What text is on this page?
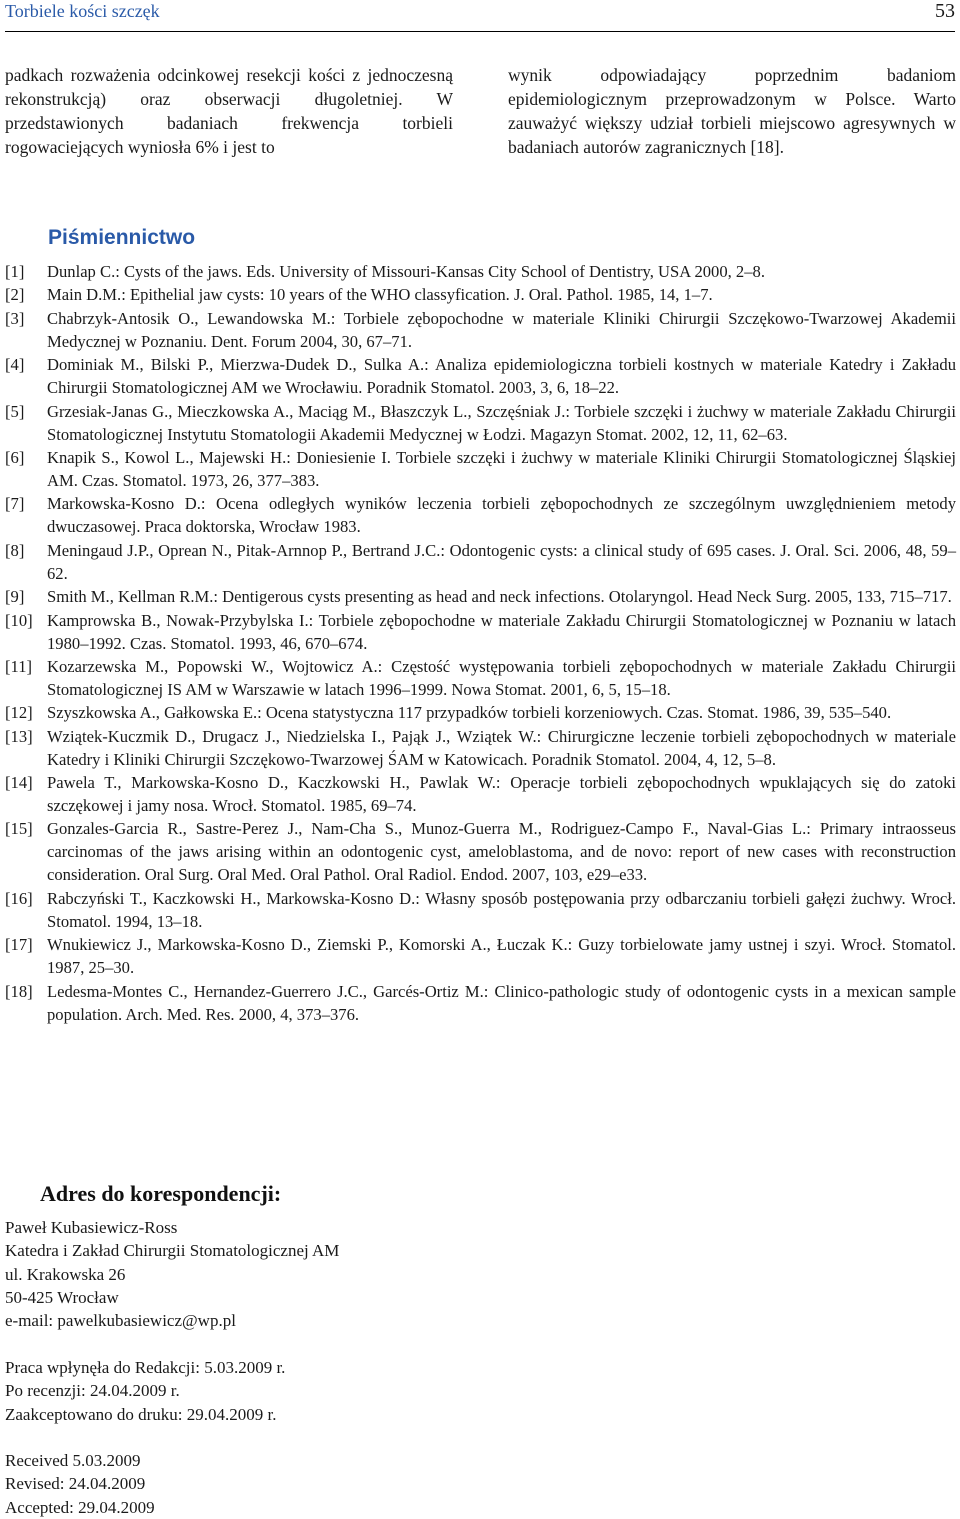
Torbiele kości szczęk	53
padkach rozważenia odcinkowej resekcji kości z jednoczesną rekonstrukcją) oraz obserwacji długoletniej. W przedstawionych badaniach frekwencja torbieli rogowaciejących wyniosła 6% i jest to
wynik odpowiadający poprzednim badaniom epidemiologicznym przeprowadzonym w Polsce. Warto zauważyć większy udział torbieli miejscowo agresywnych w badaniach autorów zagranicznych [18].
Piśmiennictwo
[1]	Dunlap C.: Cysts of the jaws. Eds. University of Missouri-Kansas City School of Dentistry, USA 2000, 2–8.
[2]	Main D.M.: Epithelial jaw cysts: 10 years of the WHO classyfication. J. Oral. Pathol. 1985, 14, 1–7.
[3]	Chabrzyk-Antosik O., Lewandowska M.: Torbiele zębopochodne w materiale Kliniki Chirurgii Szczękowo-Twarzowej Akademii Medycznej w Poznaniu. Dent. Forum 2004, 30, 67–71.
[4]	Dominiak M., Bilski P., Mierzwa-Dudek D., Sulka A.: Analiza epidemiologiczna torbieli kostnych w materiale Katedry i Zakładu Chirurgii Stomatologicznej AM we Wrocławiu. Poradnik Stomatol. 2003, 3, 6, 18–22.
[5]	Grzesiak-Janas G., Mieczkowska A., Maciąg M., Błaszczyk L., Szczęśniak J.: Torbiele szczęki i żuchwy w materiale Zakładu Chirurgii Stomatologicznej Instytutu Stomatologii Akademii Medycznej w Łodzi. Magazyn Stomat. 2002, 12, 11, 62–63.
[6]	Knapik S., Kowol L., Majewski H.: Doniesienie I. Torbiele szczęki i żuchwy w materiale Kliniki Chirurgii Stomatologicznej Śląskiej AM. Czas. Stomatol. 1973, 26, 377–383.
[7]	Markowska-Kosno D.: Ocena odległych wyników leczenia torbieli zębopochodnych ze szczególnym uwzględnieniem metody dwuczasowej. Praca doktorska, Wrocław 1983.
[8]	Meningaud J.P., Oprean N., Pitak-Arnnop P., Bertrand J.C.: Odontogenic cysts: a clinical study of 695 cases. J. Oral. Sci. 2006, 48, 59–62.
[9]	Smith M., Kellman R.M.: Dentigerous cysts presenting as head and neck infections. Otolaryngol. Head Neck Surg. 2005, 133, 715–717.
[10] Kamprowska B., Nowak-Przybylska I.: Torbiele zębopochodne w materiale Zakładu Chirurgii Stomatologicznej w Poznaniu w latach 1980–1992. Czas. Stomatol. 1993, 46, 670–674.
[11] Kozarzewska M., Popowski W., Wojtowicz A.: Częstość występowania torbieli zębopochodnych w materiale Zakładu Chirurgii Stomatologicznej IS AM w Warszawie w latach 1996–1999. Nowa Stomat. 2001, 6, 5, 15–18.
[12] Szyszkowska A., Gałkowska E.: Ocena statystyczna 117 przypadków torbieli korzeniowych. Czas. Stomat. 1986, 39, 535–540.
[13] Wziątek-Kuczmik D., Drugacz J., Niedzielska I., Pająk J., Wziątek W.: Chirurgiczne leczenie torbieli zębopochodnych w materiale Katedry i Kliniki Chirurgii Szczękowo-Twarzowej ŚAM w Katowicach. Poradnik Stomatol. 2004, 4, 12, 5–8.
[14] Pawela T., Markowska-Kosno D., Kaczkowski H., Pawlak W.: Operacje torbieli zębopochodnych wpuklających się do zatoki szczękowej i jamy nosa. Wrocł. Stomatol. 1985, 69–74.
[15] Gonzales-Garcia R., Sastre-Perez J., Nam-Cha S., Munoz-Guerra M., Rodriguez-Campo F., Naval-Gias L.: Primary intraosseus carcinomas of the jaws arising within an odontogenic cyst, ameloblastoma, and de novo: report of new cases with reconstruction consideration. Oral Surg. Oral Med. Oral Pathol. Oral Radiol. Endod. 2007, 103, e29–e33.
[16] Rabczyński T., Kaczkowski H., Markowska-Kosno D.: Własny sposób postępowania przy odbarczaniu torbieli gałęzi żuchwy. Wrocł. Stomatol. 1994, 13–18.
[17] Wnukiewicz J., Markowska-Kosno D., Ziemski P., Komorski A., Łuczak K.: Guzy torbielowate jamy ustnej i szyi. Wrocł. Stomatol. 1987, 25–30.
[18] Ledesma-Montes C., Hernandez-Guerrero J.C., Garcés-Ortiz M.: Clinico-pathologic study of odontogenic cysts in a mexican sample population. Arch. Med. Res. 2000, 4, 373–376.
Adres do korespondencji:
Paweł Kubasiewicz-Ross
Katedra i Zakład Chirurgii Stomatologicznej AM
ul. Krakowska 26
50-425 Wrocław
e-mail: pawelkubasiewicz@wp.pl
Praca wpłynęła do Redakcji: 5.03.2009 r.
Po recenzji: 24.04.2009 r.
Zaakceptowano do druku: 29.04.2009 r.
Received 5.03.2009
Revised: 24.04.2009
Accepted: 29.04.2009
